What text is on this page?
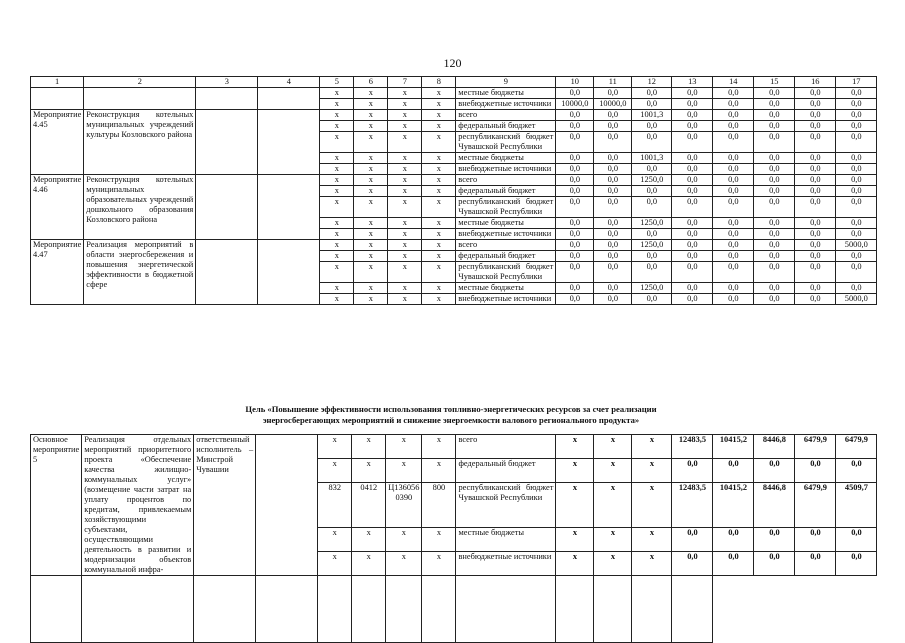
120
1	2	3	4	5	6	7	8	9	10	11	12	13	14	15	16	17
				x	x	x	x	местные бюджеты	0,0	0,0	0,0	0,0	0,0	0,0	0,0	0,0
				x	x	x	x	внебюджетные источники	10000,0	10000,0	0,0	0,0	0,0	0,0	0,0	0,0
Мероприятие 4.45	Реконструкция котельных муниципальных учреждений культуры Козловского района			x	x	x	x	всего	0,0	0,0	1001,3	0,0	0,0	0,0	0,0	0,0
				x	x	x	x	федеральный бюджет	0,0	0,0	0,0	0,0	0,0	0,0	0,0	0,0
				x	x	x	x	республиканский бюджет Чувашской Республики	0,0	0,0	0,0	0,0	0,0	0,0	0,0	0,0
				x	x	x	x	местные бюджеты	0,0	0,0	1001,3	0,0	0,0	0,0	0,0	0,0
				x	x	x	x	внебюджетные источники	0,0	0,0	0,0	0,0	0,0	0,0	0,0	0,0
Мероприятие 4.46	Реконструкция котельных муниципальных образовательных учреждений дошкольного образования Козловского района			x	x	x	x	всего	0,0	0,0	1250,0	0,0	0,0	0,0	0,0	0,0
				x	x	x	x	федеральный бюджет	0,0	0,0	0,0	0,0	0,0	0,0	0,0	0,0
				x	x	x	x	республиканский бюджет Чувашской Республики	0,0	0,0	0,0	0,0	0,0	0,0	0,0	0,0
				x	x	x	x	местные бюджеты	0,0	0,0	1250,0	0,0	0,0	0,0	0,0	0,0
				x	x	x	x	внебюджетные источники	0,0	0,0	0,0	0,0	0,0	0,0	0,0	0,0
Мероприятие 4.47	Реализация мероприятий в области энергосбережения и повышения энергетической эффективности в бюджетной сфере			x	x	x	x	всего	0,0	0,0	1250,0	0,0	0,0	0,0	0,0	5000,0
				x	x	x	x	федеральный бюджет	0,0	0,0	0,0	0,0	0,0	0,0	0,0	0,0
				x	x	x	x	республиканский бюджет Чувашской Республики	0,0	0,0	0,0	0,0	0,0	0,0	0,0	0,0
				x	x	x	x	местные бюджеты	0,0	0,0	1250,0	0,0	0,0	0,0	0,0	0,0
				x	x	x	x	внебюджетные источники	0,0	0,0	0,0	0,0	0,0	0,0	0,0	5000,0
Цель «Повышение эффективности использования топливно-энергетических ресурсов за счет реализации
энергосберегающих мероприятий и снижение энергоемкости валового регионального продукта»
Основное мероприятие 5	Реализация отдельных мероприятий приоритетного проекта «Обеспечение качества жилищно-коммунальных услуг» (возмещение части затрат на уплату процентов по кредитам, привлекаемым хозяйствующими субъектами, осуществляющими деятельность в развитии и модернизации объектов коммунальной инфра-	ответственный исполнитель – Минстрой Чувашии		x	x	x	x	всего	x	x	x	12483,5	10415,2	8446,8	6479,9	6479,9
				x	x	x	x	федеральный бюджет	x	x	x	0,0	0,0	0,0	0,0	0,0
				832	0412	Ц136056 0390	800	республиканский бюджет Чувашской Республики	x	x	x	12483,5	10415,2	8446,8	6479,9	4509,7
				x	x	x	x	местные бюджеты	x	x	x	0,0	0,0	0,0	0,0	0,0
				x	x	x	x	внебюджетные источники	x	x	x	0,0	0,0	0,0	0,0	0,0
